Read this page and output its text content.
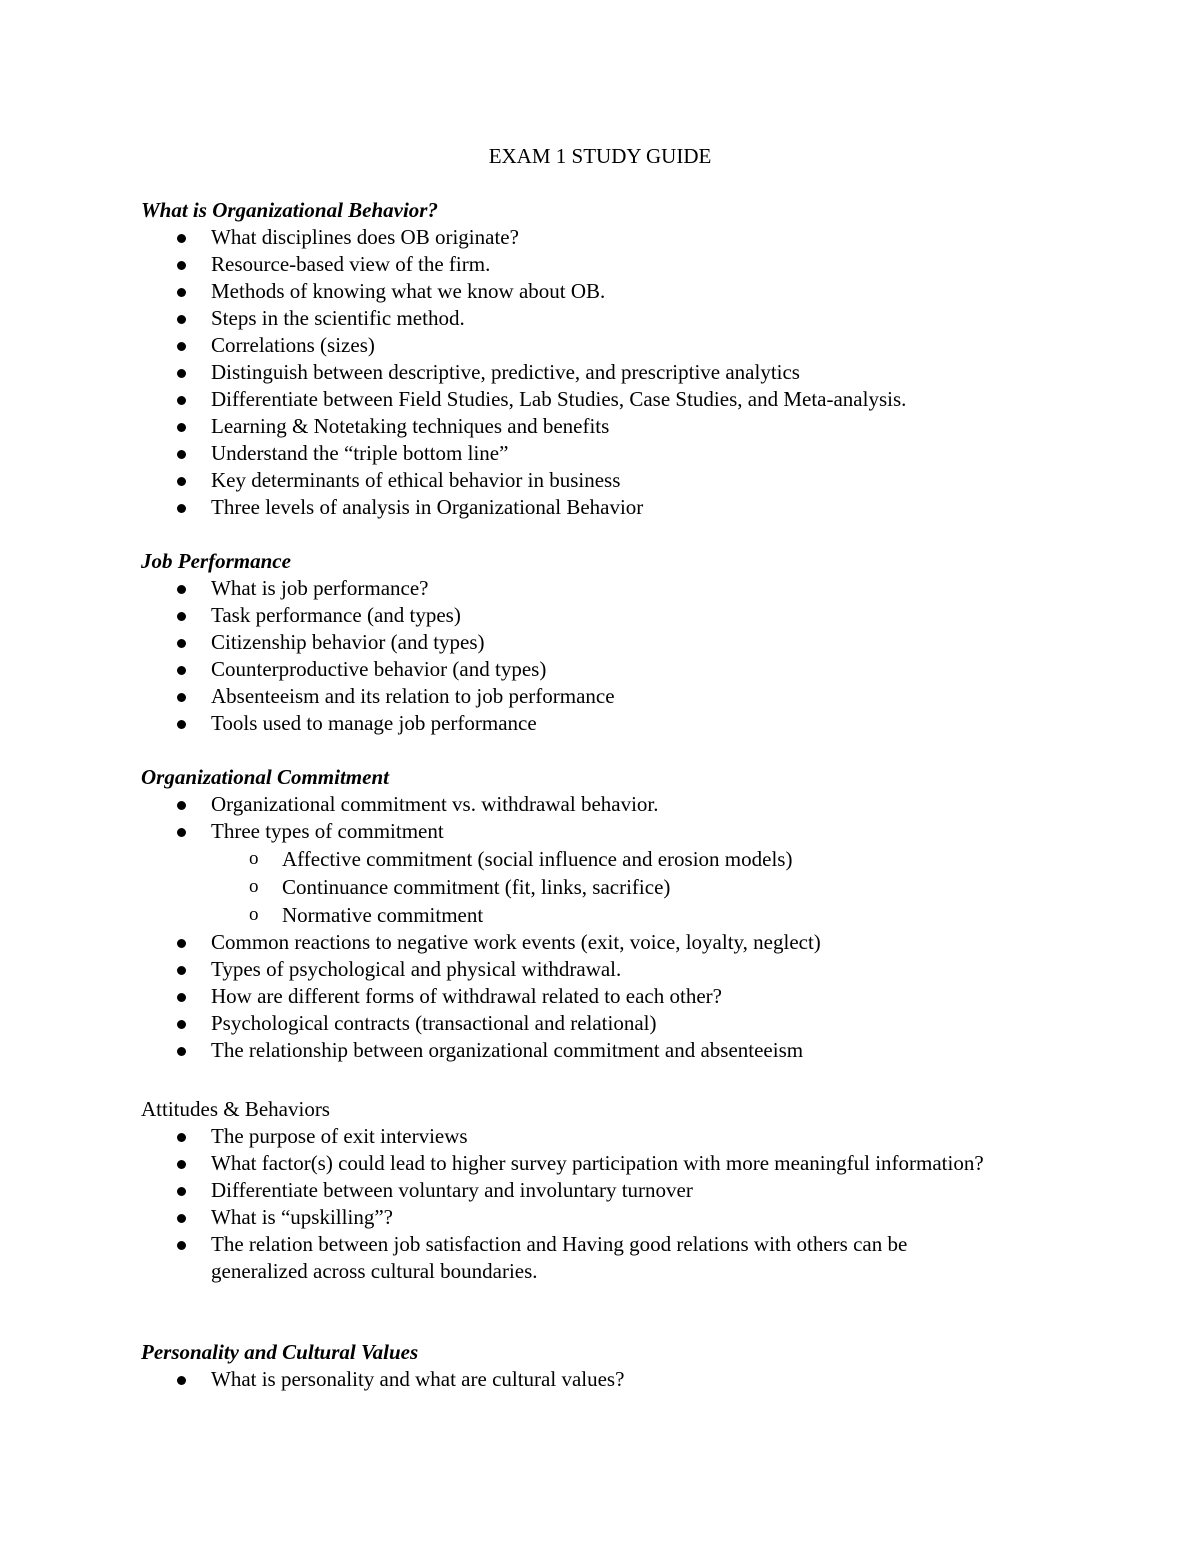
EXAM 1 STUDY GUIDE
What is Organizational Behavior?
What disciplines does OB originate?
Resource-based view of the firm.
Methods of knowing what we know about OB.
Steps in the scientific method.
Correlations (sizes)
Distinguish between descriptive, predictive, and prescriptive analytics
Differentiate between Field Studies, Lab Studies, Case Studies, and Meta-analysis.
Learning & Notetaking techniques and benefits
Understand the “triple bottom line”
Key determinants of ethical behavior in business
Three levels of analysis in Organizational Behavior
Job Performance
What is job performance?
Task performance (and types)
Citizenship behavior (and types)
Counterproductive behavior (and types)
Absenteeism and its relation to job performance
Tools used to manage job performance
Organizational Commitment
Organizational commitment vs. withdrawal behavior.
Three types of commitment
o Affective commitment (social influence and erosion models)
o Continuance commitment (fit, links, sacrifice)
o Normative commitment
Common reactions to negative work events (exit, voice, loyalty, neglect)
Types of psychological and physical withdrawal.
How are different forms of withdrawal related to each other?
Psychological contracts (transactional and relational)
The relationship between organizational commitment and absenteeism
Attitudes & Behaviors
The purpose of exit interviews
What factor(s) could lead to higher survey participation with more meaningful information?
Differentiate between voluntary and involuntary turnover
What is “upskilling”?
The relation between job satisfaction and Having good relations with others can be generalized across cultural boundaries.
Personality and Cultural Values
What is personality and what are cultural values?
